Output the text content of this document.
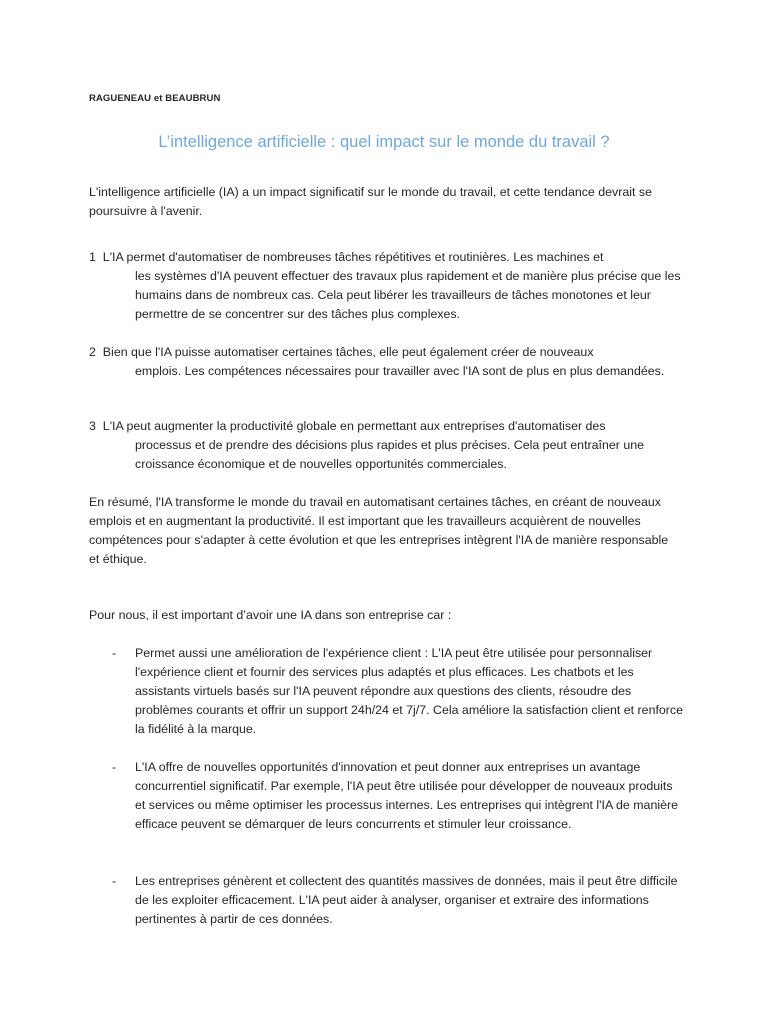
RAGUENEAU et BEAUBRUN
L’intelligence artificielle : quel impact sur le monde du travail ?

L'intelligence artificielle (IA) a un impact significatif sur le monde du travail, et cette tendance devrait se poursuivre à l'avenir.

1 L'IA permet d'automatiser de nombreuses tâches répétitives et routinières. Les machines et
les systèmes d'IA peuvent effectuer des travaux plus rapidement et de manière plus précise que les humains dans de nombreux cas. Cela peut libérer les travailleurs de tâches monotones et leur permettre de se concentrer sur des tâches plus complexes.
2 Bien que l'IA puisse automatiser certaines tâches, elle peut également créer de nouveaux
emplois. Les compétences nécessaires pour travailler avec l'IA sont de plus en plus demandées.
3 L'IA peut augmenter la productivité globale en permettant aux entreprises d'automatiser des
processus et de prendre des décisions plus rapides et plus précises. Cela peut entraîner une croissance économique et de nouvelles opportunités commerciales.

En résumé, l'IA transforme le monde du travail en automatisant certaines tâches, en créant de nouveaux emplois et en augmentant la productivité. Il est important que les travailleurs acquièrent de nouvelles compétences pour s'adapter à cette évolution et que les entreprises intègrent l'IA de manière responsable et éthique.

Pour nous, il est important d’avoir une IA dans son entreprise car :

- Permet aussi une amélioration de l'expérience client : L'IA peut être utilisée pour personnaliser l'expérience client et fournir des services plus adaptés et plus efficaces. Les chatbots et les assistants virtuels basés sur l'IA peuvent répondre aux questions des clients, résoudre des problèmes courants et offrir un support 24h/24 et 7j/7. Cela améliore la satisfaction client et renforce la fidélité à la marque.
- L'IA offre de nouvelles opportunités d'innovation et peut donner aux entreprises un avantage concurrentiel significatif. Par exemple, l'IA peut être utilisée pour développer de nouveaux produits et services ou même optimiser les processus internes. Les entreprises qui intègrent l'IA de manière efficace peuvent se démarquer de leurs concurrents et stimuler leur croissance.
- Les entreprises génèrent et collectent des quantités massives de données, mais il peut être difficile de les exploiter efficacement. L'IA peut aider à analyser, organiser et extraire des informations pertinentes à partir de ces données.
